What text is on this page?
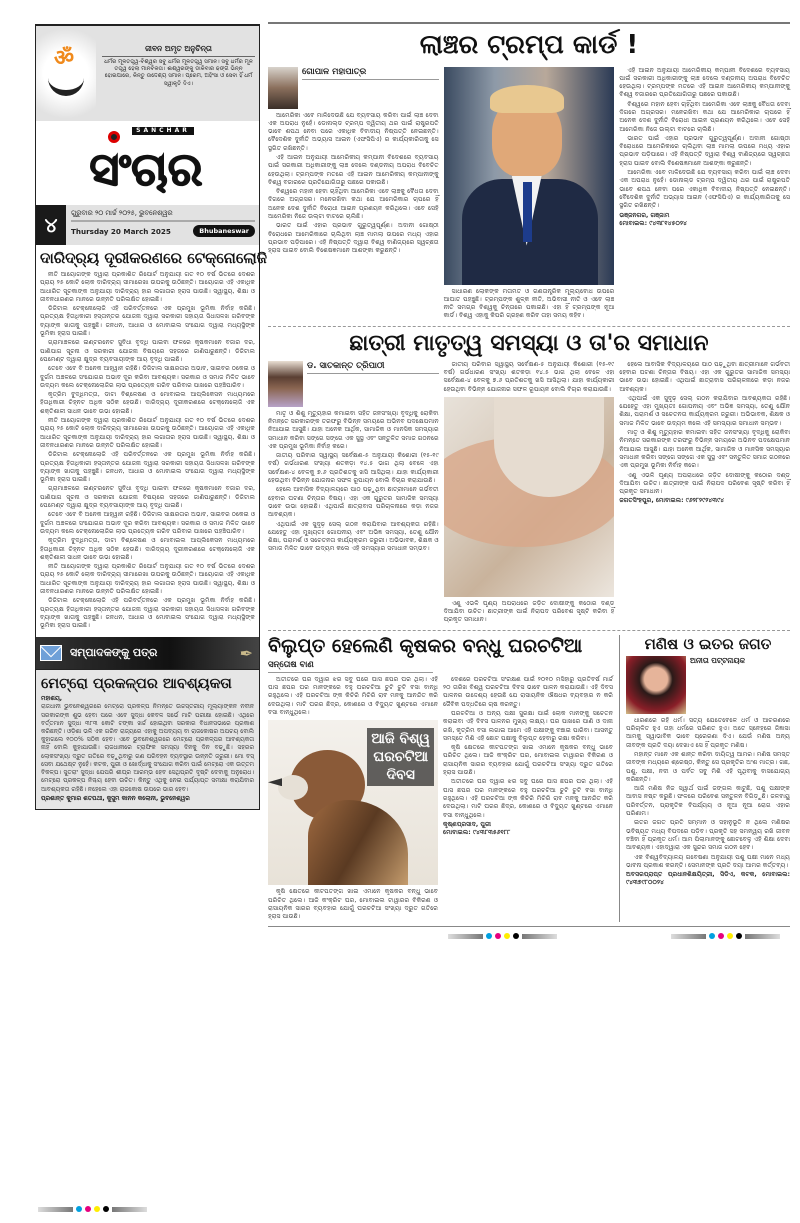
ॐ	ଜୀବନ ଅମୃତ ଅନୁଚିନ୍ତା
ଧର୍ମର ମୂଳତତ୍ତ୍ୱ-ବିଶ୍ୱର ସବୁ ଧର୍ମର ମୂଳତତ୍ତ୍ୱ ସମାନ। ସବୁ ଧର୍ମର ମୂଳ ତତ୍ତ୍ୱ ହେଲା ମାନବିକତା। ଈଶ୍ୱରଙ୍କୁ ଡାକିବାର ଢଙ୍ଗ ଭିନ୍ନ ହୋଇପାରେ, କିନ୍ତୁ ଉଦ୍ଦେଶ୍ୟ ସମାନ। ପ୍ରେମ, ଅହିଂସା ଓ ସେବା ହିଁ ଧର୍ମ ସ୍ୱୀକୃତି ଦିଏ।
SANCHAR
ସଂଚାର
୪	ଗୁରୁବାର ୨୦ ମାର୍ଚ୍ଚ ୨୦୨୫, ଭୁବନେଶ୍ୱର
Thursday 20 March 2025	Bhubaneswar
ଦାରିଦ୍ର୍ୟ ଦୂରୀକରଣରେ ଟେକ୍ନୋଲୋଜି

ନୀତି ଆୟୋଗଙ୍କ ଦ୍ୱାରା ପ୍ରକାଶିତ ରିପୋର୍ଟ ଅନୁଯାୟୀ ଗତ ୧୦ ବର୍ଷ ଭିତରେ ଦେଶର ପ୍ରାୟ ୨୫ କୋଟି ଲୋକ ଦାରିଦ୍ର୍ୟ ସୀମାରେଖା ଉପରକୁ ଉଠିଛନ୍ତି। ଆୟୋଗର ଏହି ଏକାଧିକ ଆଧାରିତ ସୂଚକାଙ୍କ ଅନୁଯାୟୀ ଦାରିଦ୍ର୍ୟ ହାର ଲଗାତାର ହ୍ରାସ ପାଉଛି। ସ୍ୱାସ୍ଥ୍ୟ, ଶିକ୍ଷା ଓ ଜୀବନଧାରଣର ମାନରେ ଉନ୍ନତି ପରିଲକ୍ଷିତ ହୋଇଛି।

ଡିଜିଟାଲ ଟେକ୍ନୋଲୋଜି ଏହି ପରିବର୍ତ୍ତନରେ ଏକ ପ୍ରମୁଖ ଭୂମିକା ନିର୍ବାହ କରିଛି। ପ୍ରତ୍ୟକ୍ଷ ହିତାଧିକାରୀ ହସ୍ତାନ୍ତର ଯୋଜନା ଦ୍ୱାରା ସରକାରୀ ସହାୟତା ସିଧାସଳଖ ଗରିବଙ୍କ ବ୍ୟାଙ୍କ ଖାତାକୁ ପହଞ୍ଚୁଛି। ଜନଧନ, ଆଧାର ଓ ମୋବାଇଲ ସଂଯୋଗ ଦ୍ୱାରା ମଧ୍ୟସ୍ଥିଙ୍କ ଭୂମିକା ହ୍ରାସ ପାଇଛି।

ଗ୍ରାମାଞ୍ଚଳରେ ଇଣ୍ଟରନେଟ ସୁବିଧା ବୃଦ୍ଧି ପାଇବା ଫଳରେ କୃଷକମାନେ ବଜାର ଦର, ପାଣିପାଗ ସୂଚନା ଓ ସରକାରୀ ଯୋଜନା ବିଷୟରେ ସହଜରେ ଜାଣିପାରୁଛନ୍ତି। ଡିଜିଟାଲ ପେମେଣ୍ଟ ଦ୍ୱାରା କ୍ଷୁଦ୍ର ବ୍ୟବସାୟୀଙ୍କ ଆୟ ବୃଦ୍ଧି ପାଇଛି।

ତେବେ ଏବେ ବି ଅନେକ ଆହ୍ୱାନ ରହିଛି। ଡିଜିଟାଲ ସାକ୍ଷରତାର ଅଭାବ, ସାଇବର ଠକେଇ ଓ ଦୁର୍ଗମ ଅଞ୍ଚଳରେ ସଂଯୋଗର ଅଭାବ ଦୂର କରିବା ଆବଶ୍ୟକ। ସରକାର ଓ ସମାଜ ମିଳିତ ଭାବେ ଉଦ୍ୟମ କଲେ ଟେକ୍ନୋଲୋଜିର ଲାଭ ପ୍ରତ୍ୟେକ ଗରିବ ପରିବାର ପାଖରେ ପହଞ୍ଚିପାରିବ।

କୃତ୍ରିମ ବୁଦ୍ଧିମତ୍ତା, ଡାଟା ବିଶ୍ଳେଷଣ ଓ ମୋବାଇଲ ଆପ୍ଲିକେସନ ମାଧ୍ୟମରେ ହିତାଧିକାରୀ ଚିହ୍ନଟ ଅଧିକ ସଠିକ ହେଉଛି। ଦାରିଦ୍ର୍ୟ ଦୂରୀକରଣରେ ଟେକ୍ନୋଲୋଜି ଏକ ଶକ୍ତିଶାଳୀ ସାଧନ ଭାବେ ଉଭା ହୋଇଛି।

ନୀତି ଆୟୋଗଙ୍କ ଦ୍ୱାରା ପ୍ରକାଶିତ ରିପୋର୍ଟ ଅନୁଯାୟୀ ଗତ ୧୦ ବର୍ଷ ଭିତରେ ଦେଶର ପ୍ରାୟ ୨୫ କୋଟି ଲୋକ ଦାରିଦ୍ର୍ୟ ସୀମାରେଖା ଉପରକୁ ଉଠିଛନ୍ତି। ଆୟୋଗର ଏହି ଏକାଧିକ ଆଧାରିତ ସୂଚକାଙ୍କ ଅନୁଯାୟୀ ଦାରିଦ୍ର୍ୟ ହାର ଲଗାତାର ହ୍ରାସ ପାଉଛି। ସ୍ୱାସ୍ଥ୍ୟ, ଶିକ୍ଷା ଓ ଜୀବନଧାରଣର ମାନରେ ଉନ୍ନତି ପରିଲକ୍ଷିତ ହୋଇଛି।

ଡିଜିଟାଲ ଟେକ୍ନୋଲୋଜି ଏହି ପରିବର୍ତ୍ତନରେ ଏକ ପ୍ରମୁଖ ଭୂମିକା ନିର୍ବାହ କରିଛି। ପ୍ରତ୍ୟକ୍ଷ ହିତାଧିକାରୀ ହସ୍ତାନ୍ତର ଯୋଜନା ଦ୍ୱାରା ସରକାରୀ ସହାୟତା ସିଧାସଳଖ ଗରିବଙ୍କ ବ୍ୟାଙ୍କ ଖାତାକୁ ପହଞ୍ଚୁଛି। ଜନଧନ, ଆଧାର ଓ ମୋବାଇଲ ସଂଯୋଗ ଦ୍ୱାରା ମଧ୍ୟସ୍ଥିଙ୍କ ଭୂମିକା ହ୍ରାସ ପାଇଛି।

ଗ୍ରାମାଞ୍ଚଳରେ ଇଣ୍ଟରନେଟ ସୁବିଧା ବୃଦ୍ଧି ପାଇବା ଫଳରେ କୃଷକମାନେ ବଜାର ଦର, ପାଣିପାଗ ସୂଚନା ଓ ସରକାରୀ ଯୋଜନା ବିଷୟରେ ସହଜରେ ଜାଣିପାରୁଛନ୍ତି। ଡିଜିଟାଲ ପେମେଣ୍ଟ ଦ୍ୱାରା କ୍ଷୁଦ୍ର ବ୍ୟବସାୟୀଙ୍କ ଆୟ ବୃଦ୍ଧି ପାଇଛି।

ତେବେ ଏବେ ବି ଅନେକ ଆହ୍ୱାନ ରହିଛି। ଡିଜିଟାଲ ସାକ୍ଷରତାର ଅଭାବ, ସାଇବର ଠକେଇ ଓ ଦୁର୍ଗମ ଅଞ୍ଚଳରେ ସଂଯୋଗର ଅଭାବ ଦୂର କରିବା ଆବଶ୍ୟକ। ସରକାର ଓ ସମାଜ ମିଳିତ ଭାବେ ଉଦ୍ୟମ କଲେ ଟେକ୍ନୋଲୋଜିର ଲାଭ ପ୍ରତ୍ୟେକ ଗରିବ ପରିବାର ପାଖରେ ପହଞ୍ଚିପାରିବ।

କୃତ୍ରିମ ବୁଦ୍ଧିମତ୍ତା, ଡାଟା ବିଶ୍ଳେଷଣ ଓ ମୋବାଇଲ ଆପ୍ଲିକେସନ ମାଧ୍ୟମରେ ହିତାଧିକାରୀ ଚିହ୍ନଟ ଅଧିକ ସଠିକ ହେଉଛି। ଦାରିଦ୍ର୍ୟ ଦୂରୀକରଣରେ ଟେକ୍ନୋଲୋଜି ଏକ ଶକ୍ତିଶାଳୀ ସାଧନ ଭାବେ ଉଭା ହୋଇଛି।

ନୀତି ଆୟୋଗଙ୍କ ଦ୍ୱାରା ପ୍ରକାଶିତ ରିପୋର୍ଟ ଅନୁଯାୟୀ ଗତ ୧୦ ବର୍ଷ ଭିତରେ ଦେଶର ପ୍ରାୟ ୨୫ କୋଟି ଲୋକ ଦାରିଦ୍ର୍ୟ ସୀମାରେଖା ଉପରକୁ ଉଠିଛନ୍ତି। ଆୟୋଗର ଏହି ଏକାଧିକ ଆଧାରିତ ସୂଚକାଙ୍କ ଅନୁଯାୟୀ ଦାରିଦ୍ର୍ୟ ହାର ଲଗାତାର ହ୍ରାସ ପାଉଛି। ସ୍ୱାସ୍ଥ୍ୟ, ଶିକ୍ଷା ଓ ଜୀବନଧାରଣର ମାନରେ ଉନ୍ନତି ପରିଲକ୍ଷିତ ହୋଇଛି।

ଡିଜିଟାଲ ଟେକ୍ନୋଲୋଜି ଏହି ପରିବର୍ତ୍ତନରେ ଏକ ପ୍ରମୁଖ ଭୂମିକା ନିର୍ବାହ କରିଛି। ପ୍ରତ୍ୟକ୍ଷ ହିତାଧିକାରୀ ହସ୍ତାନ୍ତର ଯୋଜନା ଦ୍ୱାରା ସରକାରୀ ସହାୟତା ସିଧାସଳଖ ଗରିବଙ୍କ ବ୍ୟାଙ୍କ ଖାତାକୁ ପହଞ୍ଚୁଛି। ଜନଧନ, ଆଧାର ଓ ମୋବାଇଲ ସଂଯୋଗ ଦ୍ୱାରା ମଧ୍ୟସ୍ଥିଙ୍କ ଭୂମିକା ହ୍ରାସ ପାଇଛି।

ସମ୍ପାଦକଙ୍କୁ ପତ୍ର	✒
ମେଟ୍ରୋ ପ୍ରକଳ୍ପର ଆବଶ୍ୟକତା
ମହାଶୟ,
ରାଜଧାନୀ ଭୁବନେଶ୍ୱରରେ ମେଟ୍ରୋ ପ୍ରକଳ୍ପ ନିମନ୍ତେ ଉଚ୍ଚସ୍ତରୀୟ ମୂଲ୍ୟାଙ୍କନ ନବୀନ ସରକାରଙ୍କ ଶୁଭ ହେବା ପରେ ଏବେ ସୁଦ୍ଧା କେବଳ ସର୍ଭେ ମାଟି ପରୀକ୍ଷା ହୋଇଛି। ଏଥିରେ ବର୍ତ୍ତମାନ ସୁଦ୍ଧା ୩୮୩ କୋଟି ଟଙ୍କା ଖର୍ଚ୍ଚ ହୋଇଥିବା ସରକାର ବିଧାନସଭାରେ ପ୍ରକାଶ କରିଛନ୍ତି। ଓଡ଼ିଶା ଭଳି ଏକ ଗରିବ ରାଜ୍ୟରେ ଏହାକୁ ଅପବ୍ୟୟ ବା ରାଜକୋଷର ଅପଚୟ ବୋଲି କୁହାଗଲେ ୧୦୦% ସଠିକ ହେବ। ଏବେ ଭୁବନେଶ୍ୱରରେ ମେଟ୍ରୋ ପ୍ରକଳ୍ପର ଆବଶ୍ୟକତା ନାହିଁ ବୋଲି କୁହାଯାଉଛି। ରାଜଧାନୀରେ ଟ୍ରାଫିକ ସମସ୍ୟା ଦିନକୁ ଦିନ ବଢ଼ୁଛି। ସହରର ଲୋକସଂଖ୍ୟା ଦ୍ରୁତ ଗତିରେ ବଢ଼ୁଥିବାରୁ ଗଣ ପରିବହନ ବ୍ୟବସ୍ଥାର ଉନ୍ନତି ଜରୁରୀ। ମୋ ବସ୍ ସେବା ଯଥେଷ୍ଟ ନୁହେଁ। କଟକ, ପୁରୀ ଓ ଖୋର୍ଦ୍ଧାକୁ ସଂଯୋଗ କରିବା ପାଇଁ ମେଟ୍ରୋ ଏକ ଉତ୍ତମ ବିକଳ୍ପ। ସୁତରାଂ ସୁଦ୍ଧା ଯେପରି ଶୀଘ୍ର ଆରମ୍ଭ ହେବ ସେଥିପ୍ରତି ଦୃଷ୍ଟି ଦେବାକୁ ଅନୁରୋଧ। ମେଟ୍ରୋ ପ୍ରକଳ୍ପ ନିଶ୍ଚୟ ହେବା ଉଚିତ। କିନ୍ତୁ ଏଥିକୁ ନେଇ ପର୍ଯ୍ୟାପ୍ତ ସମୀକ୍ଷା କରାଯିବାର ଆବଶ୍ୟକତା ରହିଛି। ନହେଲେ ଏହା ରାଜକୋଷ ଉପରେ ଭାର ହେବ।
ପ୍ରଶାନ୍ତ କୁମାର ଶତପଥୀ, କୁସୁମ କାନନ କଲୋନୀ, ଭୁବନେଶ୍ୱର
ଲାଞ୍ଚର ଟ୍ରମ୍ପ କାର୍ଡ !
ଗୋପାଳ ମହାପାତ୍ର

ଆମେରିକା ଏବେ ମାଳିଦେଉଛି ଯେ ବ୍ୟବସାୟ କରିବା ପାଇଁ ଲାଞ୍ଚ ଦେବା ଏକ ଅପରାଧ ନୁହେଁ। ଡୋନାଲ୍ଡ ଟ୍ରମ୍ପ ଦ୍ୱିତୀୟ ଥର ପାଇଁ ରାଷ୍ଟ୍ରପତି ଭାବେ ଶପଥ ନେବା ପରେ ଏକାଧିକ ବିବାଦୀୟ ନିଷ୍ପତ୍ତି ନେଇଛନ୍ତି। ବୈଦେଶିକ ଦୁର୍ନୀତି ଅଭ୍ୟାସ ଆଇନ (ଏଫସିପିଏ) ର କାର୍ଯ୍ୟକାରିତାକୁ ସେ ସ୍ଥଗିତ ରଖିଛନ୍ତି।

ଏହି ଆଇନ ଅନୁଯାୟୀ ଆମେରିକୀୟ କମ୍ପାନୀ ବିଦେଶରେ ବ୍ୟବସାୟ ପାଇଁ ସରକାରୀ ଅଧିକାରୀଙ୍କୁ ଲାଞ୍ଚ ଦେଲେ ଦଣ୍ଡନୀୟ ଅପରାଧ ବିବେଚିତ ହେଉଥିଲା। ଟ୍ରମ୍ପଙ୍କ ମତରେ ଏହି ଆଇନ ଆମେରିକୀୟ କମ୍ପାନୀଙ୍କୁ ବିଶ୍ୱ ବଜାରରେ ପ୍ରତିଯୋଗିତାରୁ ପଛରେ ପକାଉଛି।

ବିଶ୍ୱରେ ମହାନ ହେବା ଚାହିଁଥିବା ଆମେରିକା ଏବେ ଲାଞ୍ଚକୁ ବୈଧତା ଦେବା ଦିଗରେ ଅଗ୍ରସର। ମନେରଖିବା କଥା ଯେ ଆମେରିକାର ଚାପରେ ହିଁ ଅନେକ ଦେଶ ଦୁର୍ନୀତି ବିରୋଧୀ ଆଇନ ପ୍ରଣୟନ କରିଥିଲେ। ଏବେ ସେହି ଆମେରିକା ନିଜେ ଉଲ୍ଟା ବାଟରେ ଚାଲିଛି।

ଭାରତ ପାଇଁ ଏହାର ପ୍ରଭାବ ଗୁରୁତ୍ୱପୂର୍ଣ୍ଣ। ଅଦାନୀ ଗୋଷ୍ଠୀ ବିରୋଧରେ ଆମେରିକାରେ ଚାଲିଥିବା ଲାଞ୍ଚ ମାମଲା ଉପରେ ମଧ୍ୟ ଏହାର ପ୍ରଭାବ ପଡ଼ିପାରେ। ଏହି ନିଷ୍ପତ୍ତି ଦ୍ୱାରା ବିଶ୍ୱ ବାଣିଜ୍ୟରେ ସ୍ୱଚ୍ଛତା ହ୍ରାସ ପାଇବ ବୋଲି ବିଶେଷଜ୍ଞମାନେ ଆଶଙ୍କା କରୁଛନ୍ତି।

ସାଧାରଣ ଲୋକଙ୍କ ମତାମତ ଓ ଗଣତାନ୍ତ୍ରିକ ମୂଲ୍ୟବୋଧ ଉପରେ ଆଘାତ ପହଞ୍ଚୁଛି। ଟ୍ରମ୍ପଙ୍କ ଶୁଳ୍କ ନୀତି, ଅଭିବାସୀ ନୀତି ଓ ଏବେ ଲାଞ୍ଚ ନୀତି ସମଗ୍ର ବିଶ୍ୱକୁ ଚିନ୍ତାରେ ପକାଇଛି। ଏହା ହିଁ ଟ୍ରମ୍ପଙ୍କ ନୂଆ କାର୍ଡ। ବିଶ୍ୱ ଏହାକୁ କିପରି ଗ୍ରହଣ କରିବ ତାହା ସମୟ କହିବ।

ଏହି ଆଇନ ଅନୁଯାୟୀ ଆମେରିକୀୟ କମ୍ପାନୀ ବିଦେଶରେ ବ୍ୟବସାୟ ପାଇଁ ସରକାରୀ ଅଧିକାରୀଙ୍କୁ ଲାଞ୍ଚ ଦେଲେ ଦଣ୍ଡନୀୟ ଅପରାଧ ବିବେଚିତ ହେଉଥିଲା। ଟ୍ରମ୍ପଙ୍କ ମତରେ ଏହି ଆଇନ ଆମେରିକୀୟ କମ୍ପାନୀଙ୍କୁ ବିଶ୍ୱ ବଜାରରେ ପ୍ରତିଯୋଗିତାରୁ ପଛରେ ପକାଉଛି।

ବିଶ୍ୱରେ ମହାନ ହେବା ଚାହିଁଥିବା ଆମେରିକା ଏବେ ଲାଞ୍ଚକୁ ବୈଧତା ଦେବା ଦିଗରେ ଅଗ୍ରସର। ମନେରଖିବା କଥା ଯେ ଆମେରିକାର ଚାପରେ ହିଁ ଅନେକ ଦେଶ ଦୁର୍ନୀତି ବିରୋଧୀ ଆଇନ ପ୍ରଣୟନ କରିଥିଲେ। ଏବେ ସେହି ଆମେରିକା ନିଜେ ଉଲ୍ଟା ବାଟରେ ଚାଲିଛି।

ଭାରତ ପାଇଁ ଏହାର ପ୍ରଭାବ ଗୁରୁତ୍ୱପୂର୍ଣ୍ଣ। ଅଦାନୀ ଗୋଷ୍ଠୀ ବିରୋଧରେ ଆମେରିକାରେ ଚାଲିଥିବା ଲାଞ୍ଚ ମାମଲା ଉପରେ ମଧ୍ୟ ଏହାର ପ୍ରଭାବ ପଡ଼ିପାରେ। ଏହି ନିଷ୍ପତ୍ତି ଦ୍ୱାରା ବିଶ୍ୱ ବାଣିଜ୍ୟରେ ସ୍ୱଚ୍ଛତା ହ୍ରାସ ପାଇବ ବୋଲି ବିଶେଷଜ୍ଞମାନେ ଆଶଙ୍କା କରୁଛନ୍ତି।

ଆମେରିକା ଏବେ ମାଳିଦେଉଛି ଯେ ବ୍ୟବସାୟ କରିବା ପାଇଁ ଲାଞ୍ଚ ଦେବା ଏକ ଅପରାଧ ନୁହେଁ। ଡୋନାଲ୍ଡ ଟ୍ରମ୍ପ ଦ୍ୱିତୀୟ ଥର ପାଇଁ ରାଷ୍ଟ୍ରପତି ଭାବେ ଶପଥ ନେବା ପରେ ଏକାଧିକ ବିବାଦୀୟ ନିଷ୍ପତ୍ତି ନେଇଛନ୍ତି। ବୈଦେଶିକ ଦୁର୍ନୀତି ଅଭ୍ୟାସ ଆଇନ (ଏଫସିପିଏ) ର କାର୍ଯ୍ୟକାରିତାକୁ ସେ ସ୍ଥଗିତ ରଖିଛନ୍ତି।

ଭଞ୍ଜନଗର, ଗଞ୍ଜାମ
ମୋବାଇଲ: ୯୪୩୮୧୪୫୦୨୪
ଛାତ୍ରୀ ମାତୃତ୍ୱ ସମସ୍ୟା ଓ ତା'ର ସମାଧାନ
ଡ. ସାତକାନ୍ତ ତ୍ରିପାଠୀ

ମାତୃ ଓ ଶିଶୁ ମୃତ୍ୟୁହାର କମାଇବା ସହିତ ଜନସଂଖ୍ୟା ବୃଦ୍ଧିକୁ ରୋକିବା ନିମନ୍ତେ ସରକାରଙ୍କ ତରଫରୁ ବିଭିନ୍ନ ସମୟରେ ଅଭିନବ ପଦକ୍ଷେପମାନ ନିଆଯାଇ ଆସୁଛି। ଯାହା ଅନେକ ଆର୍ଥିକ, ସାମାଜିକ ଓ ମାନସିକ ସମସ୍ୟାର ସମାଧାନ କରିବା ସଙ୍ଗେ ସଙ୍ଗେ ଏକ ସୁସ୍ଥ ଏବଂ ସନ୍ତୁଳିତ ସମାଜ ଗଠନରେ ଏକ ପ୍ରମୁଖ ଭୂମିକା ନିର୍ବାହ କରେ।

ଜାତୀୟ ପରିବାର ସ୍ୱାସ୍ଥ୍ୟ ସର୍ବେକ୍ଷଣ-୫ ଅନୁଯାୟୀ କିଶୋରୀ (୧୫-୧୯ ବର୍ଷ) ଗର୍ଭଧାରଣ ସଂଖ୍ୟା ଶତକଡ଼ା ୧୪.୫ ଭାଗ ଥିଲା ବେଳେ ଏହା ସର୍ବେକ୍ଷଣ-୪ ବେଳକୁ ୭.୬ ପ୍ରତିଶତକୁ ଖସି ଆସିଥିଲା। ଯାହା କାର୍ଯ୍ୟକାରୀ ହେଉଥିବା ବିଭିନ୍ନ ଯୋଜନାର ସଫଳ ରୂପାୟନ ବୋଲି ବିଚାର କରାଯାଉଛି।

ହେଲେ ଆବାସିକ ବିଦ୍ୟାଳୟରେ ପାଠ ପଢ଼ୁଥିବା ଛାତ୍ରୀମାନେ ଗର୍ଭବତୀ ହେବାର ଘଟଣା ଚିନ୍ତାର ବିଷୟ। ଏହା ଏକ ଗୁରୁତର ସାମାଜିକ ସମସ୍ୟା ଭାବେ ଉଭା ହୋଇଛି। ଏଥିପାଇଁ ଛାତ୍ରାବାସ ପରିଚାଳନାରେ କଡ଼ା ନଜର ଆବଶ୍ୟକ।

ଏଥିପାଇଁ ଏକ ସୁଦୃଢ଼ ସେଲ୍ ଗଠନ କରାଯିବାର ଆବଶ୍ୟକତା ରହିଛି। ଯେହେତୁ ଏହା ମୁଖ୍ୟତଃ ଗୋପନୀୟ ଏବଂ ଅଭିଜ୍ଞ ସମସ୍ୟା, ତେଣୁ ଯୌନ ଶିକ୍ଷା, ପରାମର୍ଶ ଓ ସଚେତନତା କାର୍ଯ୍ୟକ୍ରମ ଜରୁରୀ। ଅଭିଭାବକ, ଶିକ୍ଷକ ଓ ସମାଜ ମିଳିତ ଭାବେ ଉଦ୍ୟମ କଲେ ଏହି ସମସ୍ୟାର ସମାଧାନ ସମ୍ଭବ।

ଜାତୀୟ ପରିବାର ସ୍ୱାସ୍ଥ୍ୟ ସର୍ବେକ୍ଷଣ-୫ ଅନୁଯାୟୀ କିଶୋରୀ (୧୫-୧୯ ବର୍ଷ) ଗର୍ଭଧାରଣ ସଂଖ୍ୟା ଶତକଡ଼ା ୧୪.୫ ଭାଗ ଥିଲା ବେଳେ ଏହା ସର୍ବେକ୍ଷଣ-୪ ବେଳକୁ ୭.୬ ପ୍ରତିଶତକୁ ଖସି ଆସିଥିଲା। ଯାହା କାର୍ଯ୍ୟକାରୀ ହେଉଥିବା ବିଭିନ୍ନ ଯୋଜନାର ସଫଳ ରୂପାୟନ ବୋଲି ବିଚାର କରାଯାଉଛି।

ଏଣୁ ଏଭଳି ଘୃଣ୍ୟ ଅପରାଧରେ ଜଡ଼ିତ ଦୋଷୀଙ୍କୁ କଠୋର ଦଣ୍ଡ ଦିଆଯିବା ଉଚିତ। ଛାତ୍ରୀଙ୍କ ପାଇଁ ନିରାପଦ ପରିବେଶ ସୃଷ୍ଟି କରିବା ହିଁ ପ୍ରକୃତ ସମାଧାନ।

ହେଲେ ଆବାସିକ ବିଦ୍ୟାଳୟରେ ପାଠ ପଢ଼ୁଥିବା ଛାତ୍ରୀମାନେ ଗର୍ଭବତୀ ହେବାର ଘଟଣା ଚିନ୍ତାର ବିଷୟ। ଏହା ଏକ ଗୁରୁତର ସାମାଜିକ ସମସ୍ୟା ଭାବେ ଉଭା ହୋଇଛି। ଏଥିପାଇଁ ଛାତ୍ରାବାସ ପରିଚାଳନାରେ କଡ଼ା ନଜର ଆବଶ୍ୟକ।

ଏଥିପାଇଁ ଏକ ସୁଦୃଢ଼ ସେଲ୍ ଗଠନ କରାଯିବାର ଆବଶ୍ୟକତା ରହିଛି। ଯେହେତୁ ଏହା ମୁଖ୍ୟତଃ ଗୋପନୀୟ ଏବଂ ଅଭିଜ୍ଞ ସମସ୍ୟା, ତେଣୁ ଯୌନ ଶିକ୍ଷା, ପରାମର୍ଶ ଓ ସଚେତନତା କାର୍ଯ୍ୟକ୍ରମ ଜରୁରୀ। ଅଭିଭାବକ, ଶିକ୍ଷକ ଓ ସମାଜ ମିଳିତ ଭାବେ ଉଦ୍ୟମ କଲେ ଏହି ସମସ୍ୟାର ସମାଧାନ ସମ୍ଭବ।

ମାତୃ ଓ ଶିଶୁ ମୃତ୍ୟୁହାର କମାଇବା ସହିତ ଜନସଂଖ୍ୟା ବୃଦ୍ଧିକୁ ରୋକିବା ନିମନ୍ତେ ସରକାରଙ୍କ ତରଫରୁ ବିଭିନ୍ନ ସମୟରେ ଅଭିନବ ପଦକ୍ଷେପମାନ ନିଆଯାଇ ଆସୁଛି। ଯାହା ଅନେକ ଆର୍ଥିକ, ସାମାଜିକ ଓ ମାନସିକ ସମସ୍ୟାର ସମାଧାନ କରିବା ସଙ୍ଗେ ସଙ୍ଗେ ଏକ ସୁସ୍ଥ ଏବଂ ସନ୍ତୁଳିତ ସମାଜ ଗଠନରେ ଏକ ପ୍ରମୁଖ ଭୂମିକା ନିର୍ବାହ କରେ।

ଏଣୁ ଏଭଳି ଘୃଣ୍ୟ ଅପରାଧରେ ଜଡ଼ିତ ଦୋଷୀଙ୍କୁ କଠୋର ଦଣ୍ଡ ଦିଆଯିବା ଉଚିତ। ଛାତ୍ରୀଙ୍କ ପାଇଁ ନିରାପଦ ପରିବେଶ ସୃଷ୍ଟି କରିବା ହିଁ ପ୍ରକୃତ ସମାଧାନ।

ଜଗତସିଂହପୁର, ମୋବାଇଲ: ୯୬୨୮୨୯୨୪୩୯୪
ବିଲୁପ୍ତ ହେଲେଣି କୃଷକର ବନ୍ଧୁ ଘରଚଟିଆ
ସନ୍ତୋଷ ବାଣ

ଅତୀତରେ ଘର ଦ୍ୱାର ଝର ସବୁ ଘରେ ଘାସ ଛପର ଘର ଥିଲା। ଏହି ଘାସ ଛପର ଘର ମାନଙ୍କରେ ବହୁ ଘରଚଟିଆ ଚୁଟି ଚୁଟି ବସା ବାନ୍ଧି ରହୁଥିଲେ। ଏହି ଘରଚଟିଆ ଙ୍କ କିଚିରି ମିଚିରି ରାବ ମନକୁ ଆନନ୍ଦିତ କରି ଦେଉଥିଲା। ମାଟି ଘରର ଛିଦ୍ର, କୋଣରେ ଓ ବିଦ୍ୟୁତ ଖୁଣ୍ଟରେ ଏମାନେ ବସା ବାନ୍ଧୁଥିଲେ।

ଆଜି ବିଶ୍ୱ
ଘରଚଟିଆ
ଦିବସ

କୃଷି କ୍ଷେତରେ କୀଟପତଙ୍ଗ ଖାଇ ଏମାନେ କୃଷକର ବନ୍ଧୁ ଭାବେ ପରିଚିତ ଥିଲେ। ଆଜି କଂକ୍ରିଟ ଘର, ମୋବାଇଲ ଟାୱାରର ବିକିରଣ ଓ ରାସାୟନିକ ସାରର ବ୍ୟବହାର ଯୋଗୁଁ ଘରଚଟିଆ ସଂଖ୍ୟା ଦ୍ରୁତ ଗତିରେ ହ୍ରାସ ପାଉଛି।

ଦେଶରେ ଘରଚଟିଆ ସଂରକ୍ଷଣ ପାଇଁ ୨୦୧୦ ମସିହାରୁ ପ୍ରତିବର୍ଷ ମାର୍ଚ୍ଚ ୨୦ ତାରିଖ ବିଶ୍ୱ ଘରଚଟିଆ ଦିବସ ଭାବେ ପାଳନ କରାଯାଉଛି। ଏହି ଦିବସ ପାଳନର ଉଦ୍ଦେଶ୍ୟ ହେଉଛି ଯେ ରାସାୟନିକ ଔଷଧର ବ୍ୟବହାର ନ କରି ଜୈବିକ ପଦ୍ଧତିରେ ଚାଷ କରନ୍ତୁ।

ଘରଚଟିଆ ଓ ଅନ୍ୟ ପକ୍ଷୀ ସୁରକ୍ଷା ପାଇଁ ଲୋକ ମାନଙ୍କୁ ସଚେତନ କରାଇବା ଏହି ଦିବସ ପାଳନର ମୁଖ୍ୟ ଲକ୍ଷ୍ୟ। ଘର ପାଖରେ ପାଣି ଓ ଦାନା ରଖି, କୃତ୍ରିମ ବସା ଲଗାଇ ଆମେ ଏହି ପକ୍ଷୀଙ୍କୁ ବଞ୍ଚାଇ ପାରିବା। ଆସନ୍ତୁ ସମସ୍ତେ ମିଶି ଏହି ଛୋଟ ପକ୍ଷୀକୁ ବିଲୁପ୍ତ ହେବାରୁ ରକ୍ଷା କରିବା।

କୃଷି କ୍ଷେତରେ କୀଟପତଙ୍ଗ ଖାଇ ଏମାନେ କୃଷକର ବନ୍ଧୁ ଭାବେ ପରିଚିତ ଥିଲେ। ଆଜି କଂକ୍ରିଟ ଘର, ମୋବାଇଲ ଟାୱାରର ବିକିରଣ ଓ ରାସାୟନିକ ସାରର ବ୍ୟବହାର ଯୋଗୁଁ ଘରଚଟିଆ ସଂଖ୍ୟା ଦ୍ରୁତ ଗତିରେ ହ୍ରାସ ପାଉଛି।

ଅତୀତରେ ଘର ଦ୍ୱାର ଝର ସବୁ ଘରେ ଘାସ ଛପର ଘର ଥିଲା। ଏହି ଘାସ ଛପର ଘର ମାନଙ୍କରେ ବହୁ ଘରଚଟିଆ ଚୁଟି ଚୁଟି ବସା ବାନ୍ଧି ରହୁଥିଲେ। ଏହି ଘରଚଟିଆ ଙ୍କ କିଚିରି ମିଚିରି ରାବ ମନକୁ ଆନନ୍ଦିତ କରି ଦେଉଥିଲା। ମାଟି ଘରର ଛିଦ୍ର, କୋଣରେ ଓ ବିଦ୍ୟୁତ ଖୁଣ୍ଟରେ ଏମାନେ ବସା ବାନ୍ଧୁଥିଲେ।

କୃଷ୍ଣପ୍ରସାଦ, ପୁରୀ
ମୋବାଇଲ: ୯୪୩୮୩୫୬୧୮୮
ମଣିଷ ଓ ଇତର ଜଗତ
ଅନୀତା ପଟ୍ଟନାୟକ

ଧାରଣରେ ରହି ଧର୍ମ। ସତ୍ୟ ଯେତେବେଳେ ଧର୍ମ ଓ ଆଚରଣରେ ପରିଚାଳିତ ହୁଏ ତାହା ଧର୍ମରେ ପରିଣତ ହୁଏ। ଅତେ ସ୍ନେହରେ ଜିଜ୍ଞାସା ଆମକୁ ସ୍ୱାଭାବିକ ଭାବେ ପ୍ରେରଣା ଦିଏ। ଯେଉଁ ମଣିଷ ଅନ୍ୟ ଜୀବଙ୍କ ପ୍ରତି ଦୟା ଦେଖାଏ ସେ ହିଁ ପ୍ରକୃତ ମଣିଷ।

ମହାନ୍ତ ମାନେ ଏକ ଶାନ୍ତ କରିବା ଦାୟିତ୍ୱ ଆମର। ମଣିଷ ସମସ୍ତ ଜୀବଙ୍କ ମଧ୍ୟରେ ଶ୍ରେଷ୍ଠ, କିନ୍ତୁ ସେ ପ୍ରକୃତିର ଅଂଶ ମାତ୍ର। ଗଛ, ପଶୁ, ପକ୍ଷୀ, ନଦୀ ଓ ପର୍ବତ ସବୁ ମିଶି ଏହି ପୃଥିବୀକୁ ବାସଯୋଗ୍ୟ କରିଛନ୍ତି।

ଆଜି ମଣିଷ ନିଜ ସ୍ୱାର୍ଥ ପାଇଁ ଜଙ୍ଗଲ କାଟୁଛି, ପଶୁ ପକ୍ଷୀଙ୍କ ଆବାସ ନଷ୍ଟ କରୁଛି। ଫଳରେ ପରିବେଶ ସନ୍ତୁଳନ ବିଗିଡ଼ୁଛି। ଜଳବାୟୁ ପରିବର୍ତ୍ତନ, ପ୍ରାକୃତିକ ବିପର୍ଯ୍ୟୟ ଓ ନୂଆ ନୂଆ ରୋଗ ଏହାର ପରିଣାମ।

ଇତର ଜଗତ ପ୍ରତି ସମ୍ମାନ ଓ ସହାନୁଭୂତି ନ ଥିଲେ ମଣିଷର ଭବିଷ୍ୟତ ମଧ୍ୟ ବିପଦରେ ପଡ଼ିବ। ପ୍ରକୃତି ସହ ସମନ୍ୱୟ ରଖି ଜୀବନ ବଞ୍ଚିବା ହିଁ ପ୍ରକୃତ ଧର୍ମ। ଆମ ପିଲାମାନଙ୍କୁ ଛୋଟବେଳୁ ଏହି ଶିକ୍ଷା ଦେବା ଆବଶ୍ୟକ। ଏହାଦ୍ୱାରା ଏକ ସୁନ୍ଦର ସମାଜ ଗଠନ ହେବ।

ଏକ ବିଶ୍ୱବିଦ୍ୟାଳୟ ଗବେଷଣା ଅନୁଯାୟୀ ପଶୁ ପକ୍ଷୀ ମାନେ ମଧ୍ୟ ଭାବନା ପ୍ରକାଶ କରନ୍ତି। ସେମାନଙ୍କ ପ୍ରତି ଦୟା ଆମର କର୍ତ୍ତବ୍ୟ।

ଅବସରପ୍ରାପ୍ତ ପ୍ରଧାନଶିକ୍ଷୟିତ୍ରୀ, ସିଡିଏ, କଟକ, ମୋବାଇଲ: ୯୪୩୭୯୮୦୦୨୪
